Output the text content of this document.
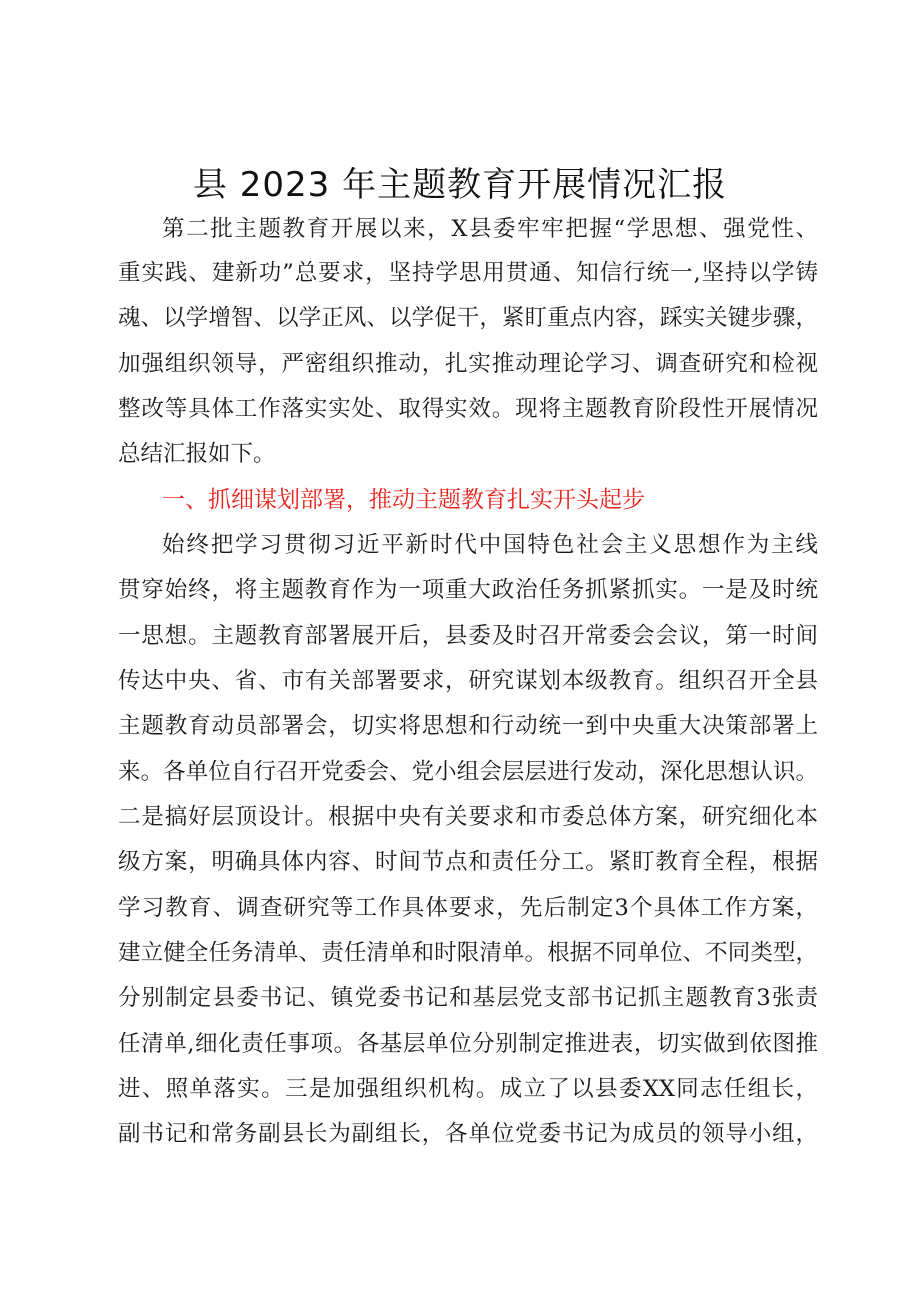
县 2023 年主题教育开展情况汇报

第二批主题教育开展以来，X县委牢牢把握“学思想、强党性、

重实践、建新功”总要求，坚持学思用贯通、知信行统一,坚持以学铸

魂、以学增智、以学正风、以学促干，紧盯重点内容，踩实关键步骤，

加强组织领导，严密组织推动，扎实推动理论学习、调查研究和检视

整改等具体工作落实实处、取得实效。现将主题教育阶段性开展情况

总结汇报如下。

一、抓细谋划部署，推动主题教育扎实开头起步

始终把学习贯彻习近平新时代中国特色社会主义思想作为主线

贯穿始终，将主题教育作为一项重大政治任务抓紧抓实。一是及时统

一思想。主题教育部署展开后，县委及时召开常委会会议，第一时间

传达中央、省、市有关部署要求，研究谋划本级教育。组织召开全县

主题教育动员部署会，切实将思想和行动统一到中央重大决策部署上

来。各单位自行召开党委会、党小组会层层进行发动，深化思想认识。

二是搞好层顶设计。根据中央有关要求和市委总体方案，研究细化本

级方案，明确具体内容、时间节点和责任分工。紧盯教育全程，根据

学习教育、调查研究等工作具体要求，先后制定3个具体工作方案，

建立健全任务清单、责任清单和时限清单。根据不同单位、不同类型，

分别制定县委书记、镇党委书记和基层党支部书记抓主题教育3张责

任清单,细化责任事项。各基层单位分别制定推进表，切实做到依图推

进、照单落实。三是加强组织机构。成立了以县委XX同志任组长，

副书记和常务副县长为副组长，各单位党委书记为成员的领导小组，
